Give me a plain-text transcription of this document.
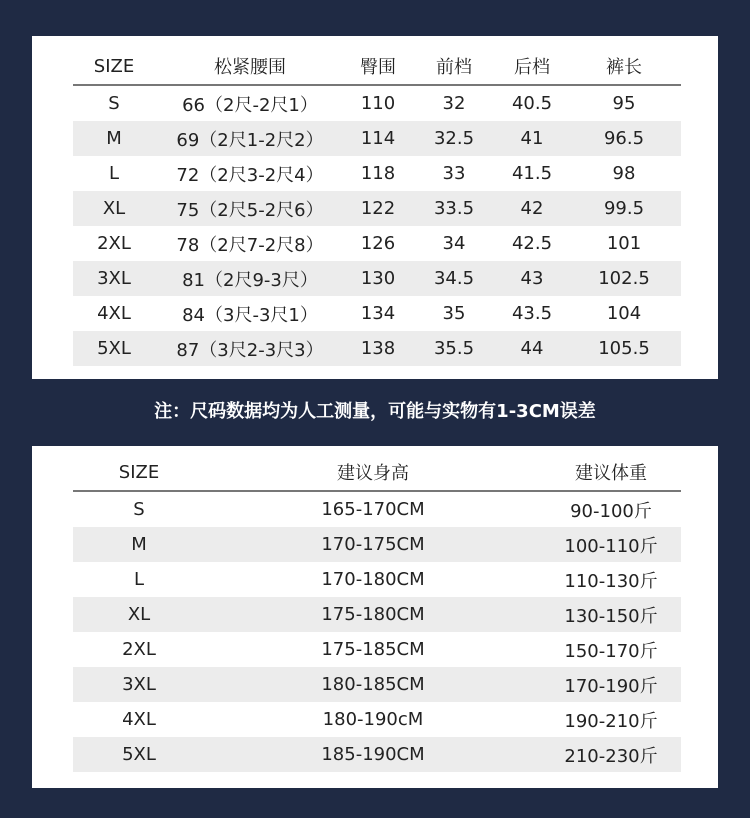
SIZE	松紧腰围	臀围	前档	后档	裤长
S	66（2尺-2尺1）	110	32	40.5	95
M	69（2尺1-2尺2）	114	32.5	41	96.5
L	72（2尺3-2尺4）	118	33	41.5	98
XL	75（2尺5-2尺6）	122	33.5	42	99.5
2XL	78（2尺7-2尺8）	126	34	42.5	101
3XL	81（2尺9-3尺）	130	34.5	43	102.5
4XL	84（3尺-3尺1）	134	35	43.5	104
5XL	87（3尺2-3尺3）	138	35.5	44	105.5
注：尺码数据均为人工测量，可能与实物有1-3CM误差
SIZE	建议身高	建议体重
S	165-170CM	90-100斤
M	170-175CM	100-110斤
L	170-180CM	110-130斤
XL	175-180CM	130-150斤
2XL	175-185CM	150-170斤
3XL	180-185CM	170-190斤
4XL	180-190cM	190-210斤
5XL	185-190CM	210-230斤
